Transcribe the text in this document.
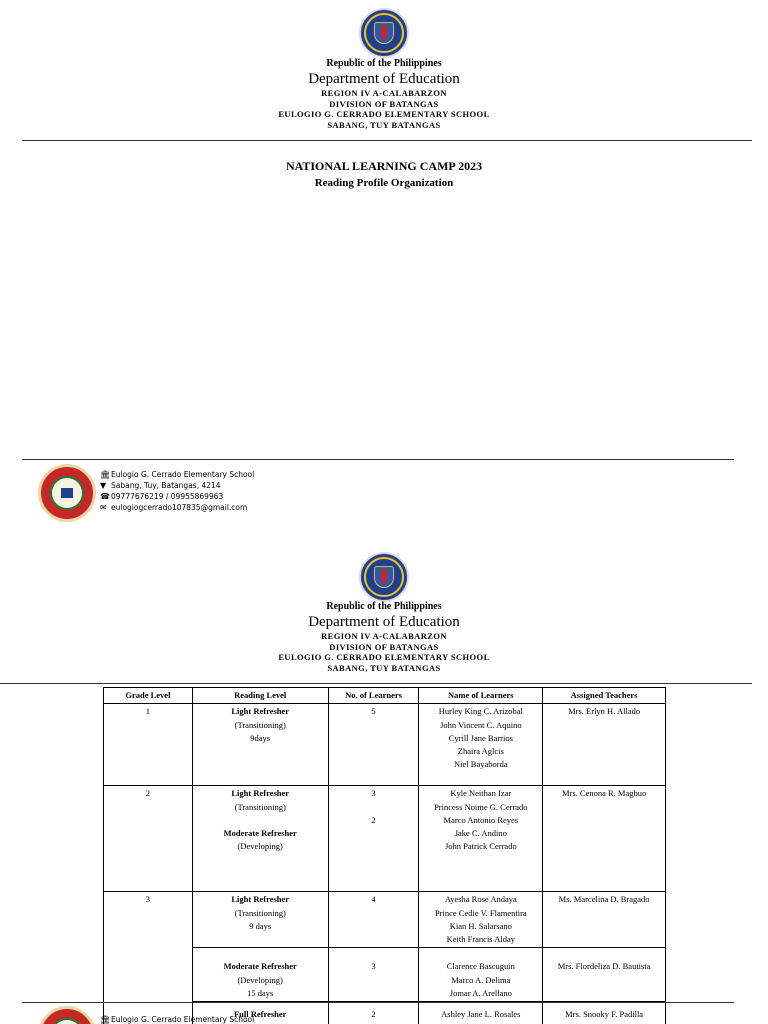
Republic of the Philippines
Department of Education
REGION IV A-CALABARZON
DIVISION OF BATANGAS
EULOGIO G. CERRADO ELEMENTARY SCHOOL
SABANG, TUY BATANGAS
NATIONAL LEARNING CAMP 2023
Reading Profile Organization
🏛Eulogio G. Cerrado Elementary School
▼ Sabang, Tuy, Batangas, 4214
☎09777676219 / 09955869963
✉ eulogiogcerrado107835@gmail.com
Republic of the Philippines
Department of Education
REGION IV A-CALABARZON
DIVISION OF BATANGAS
EULOGIO G. CERRADO ELEMENTARY SCHOOL
SABANG, TUY BATANGAS
Grade Level	Reading Level	No. of Learners	Name of Learners	Assigned Teachers
1	Light Refresher
(Transitioning)
9days	5	Hurley King C. Arizobal
John Vincent C. Aquino
Cyrill Jane Barrios
Zhaira Aglcis
Niel Bayaborda	Mrs. Erlyn H. Allado
2	Light Refresher
(Transitioning)
Moderate Refresher
(Developing)	3
2	Kyle Neithan Izar
Princess Noime G. Cerrado
Marco Antonio Reyes
Jake C. Andino
John Patrick Cerrado	Mrs. Cenona R. Magbuo
3	Light Refresher
(Transitioning)
9 days	4	Ayesha Rose Andaya
Prince Cedie V. Flamentira
Kian H. Salarsano
Keith Francis Alday	Ms. Marcelina D. Bragado

	Moderate Refresher
(Developing)
15 days	3	Clarence Bascuguin
Marco A. Delima
Jomar A. Arellano	Mrs. Flordeliza D. Bautista

	Full Refresher	2	Ashley Jane L. Rosales	Mrs. Snooky F. Padilla
🏛Eulogio G. Cerrado Elementary School
